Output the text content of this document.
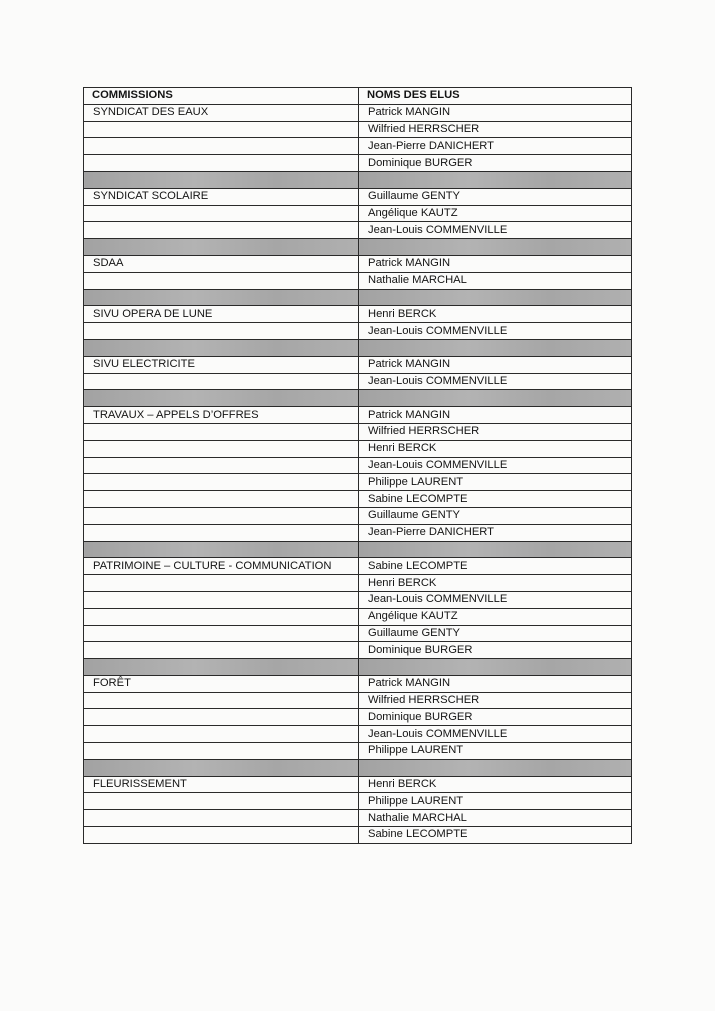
COMMISSIONS	NOMS DES ELUS
SYNDICAT DES EAUX	Patrick MANGIN
	Wilfried HERRSCHER
	Jean-Pierre DANICHERT
	Dominique BURGER

SYNDICAT SCOLAIRE	Guillaume GENTY
	Angélique KAUTZ
	Jean-Louis COMMENVILLE

SDAA	Patrick MANGIN
	Nathalie MARCHAL

SIVU OPERA DE LUNE	Henri BERCK
	Jean-Louis COMMENVILLE

SIVU ELECTRICITE	Patrick MANGIN
	Jean-Louis COMMENVILLE

TRAVAUX – APPELS D’OFFRES	Patrick MANGIN
	Wilfried HERRSCHER
	Henri BERCK
	Jean-Louis COMMENVILLE
	Philippe LAURENT
	Sabine LECOMPTE
	Guillaume GENTY
	Jean-Pierre DANICHERT

PATRIMOINE – CULTURE - COMMUNICATION	Sabine LECOMPTE
	Henri BERCK
	Jean-Louis COMMENVILLE
	Angélique KAUTZ
	Guillaume GENTY
	Dominique BURGER

FORÊT	Patrick MANGIN
	Wilfried HERRSCHER
	Dominique BURGER
	Jean-Louis COMMENVILLE
	Philippe LAURENT

FLEURISSEMENT	Henri BERCK
	Philippe LAURENT
	Nathalie MARCHAL
	Sabine LECOMPTE
